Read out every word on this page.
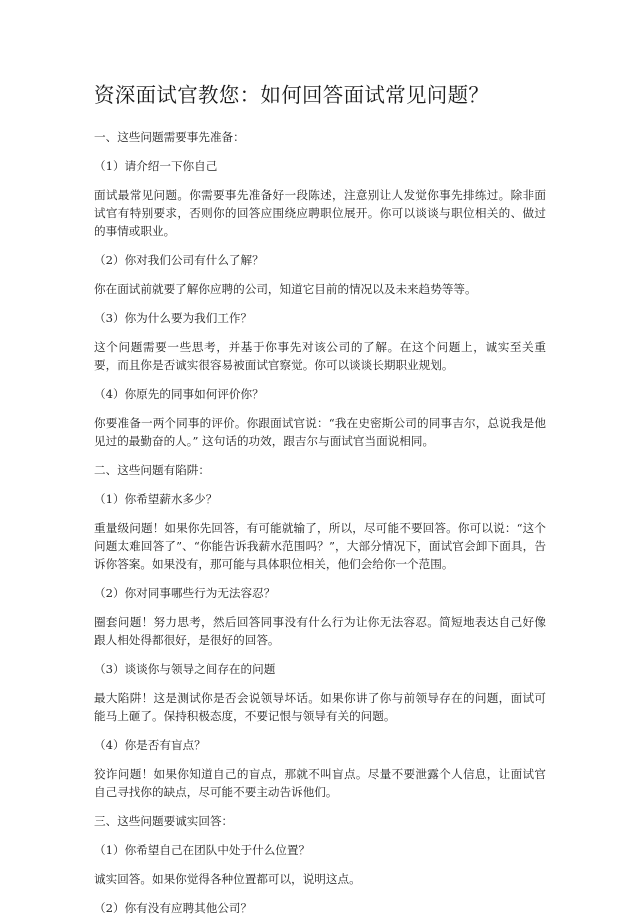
资深面试官教您：如何回答面试常见问题？

一、这些问题需要事先准备：

（1）请介绍一下你自己

面试最常见问题。你需要事先准备好一段陈述，注意别让人发觉你事先排练过。除非面试官有特别要求，否则你的回答应围绕应聘职位展开。你可以谈谈与职位相关的、做过的事情或职业。

（2）你对我们公司有什么了解？

你在面试前就要了解你应聘的公司，知道它目前的情况以及未来趋势等等。

（3）你为什么要为我们工作？

这个问题需要一些思考，并基于你事先对该公司的了解。在这个问题上，诚实至关重要，而且你是否诚实很容易被面试官察觉。你可以谈谈长期职业规划。

（4）你原先的同事如何评价你？

你要准备一两个同事的评价。你跟面试官说：“我在史密斯公司的同事吉尔，总说我是他见过的最勤奋的人。” 这句话的功效，跟吉尔与面试官当面说相同。

二、这些问题有陷阱：

（1）你希望薪水多少？

重量级问题！如果你先回答，有可能就输了，所以，尽可能不要回答。你可以说：“这个问题太难回答了”、“你能告诉我薪水范围吗？”，大部分情况下，面试官会卸下面具，告诉你答案。如果没有，那可能与具体职位相关，他们会给你一个范围。

（2）你对同事哪些行为无法容忍？

圈套问题！努力思考，然后回答同事没有什么行为让你无法容忍。简短地表达自己好像跟人相处得都很好，是很好的回答。

（3）谈谈你与领导之间存在的问题

最大陷阱！这是测试你是否会说领导坏话。如果你讲了你与前领导存在的问题，面试可能马上砸了。保持积极态度，不要记恨与领导有关的问题。

（4）你是否有盲点？

狡诈问题！如果你知道自己的盲点，那就不叫盲点。尽量不要泄露个人信息，让面试官自己寻找你的缺点，尽可能不要主动告诉他们。

三、这些问题要诚实回答：

（1）你希望自己在团队中处于什么位置？

诚实回答。如果你觉得各种位置都可以，说明这点。

（2）你有没有应聘其他公司？
